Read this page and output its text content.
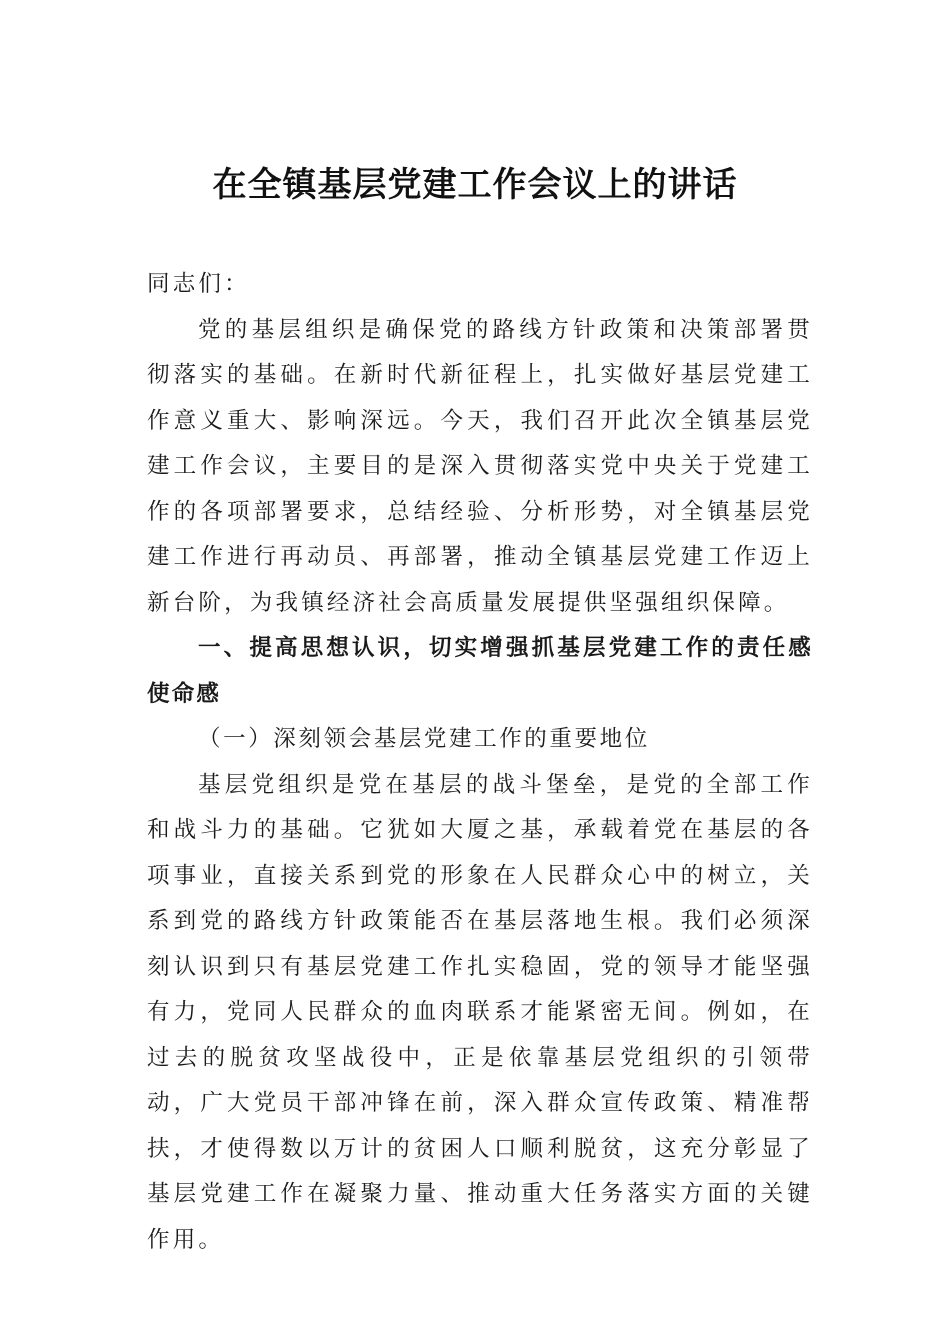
在全镇基层党建工作会议上的讲话

同志们：

党的基层组织是确保党的路线方针政策和决策部署贯彻落实的基础。在新时代新征程上，扎实做好基层党建工作意义重大、影响深远。今天，我们召开此次全镇基层党建工作会议，主要目的是深入贯彻落实党中央关于党建工作的各项部署要求，总结经验、分析形势，对全镇基层党建工作进行再动员、再部署，推动全镇基层党建工作迈上新台阶，为我镇经济社会高质量发展提供坚强组织保障。

一、提高思想认识，切实增强抓基层党建工作的责任感使命感

（一）深刻领会基层党建工作的重要地位

基层党组织是党在基层的战斗堡垒，是党的全部工作和战斗力的基础。它犹如大厦之基，承载着党在基层的各项事业，直接关系到党的形象在人民群众心中的树立，关系到党的路线方针政策能否在基层落地生根。我们必须深刻认识到只有基层党建工作扎实稳固，党的领导才能坚强有力，党同人民群众的血肉联系才能紧密无间。例如，在过去的脱贫攻坚战役中，正是依靠基层党组织的引领带动，广大党员干部冲锋在前，深入群众宣传政策、精准帮扶，才使得数以万计的贫困人口顺利脱贫，这充分彰显了基层党建工作在凝聚力量、推动重大任务落实方面的关键作用。
